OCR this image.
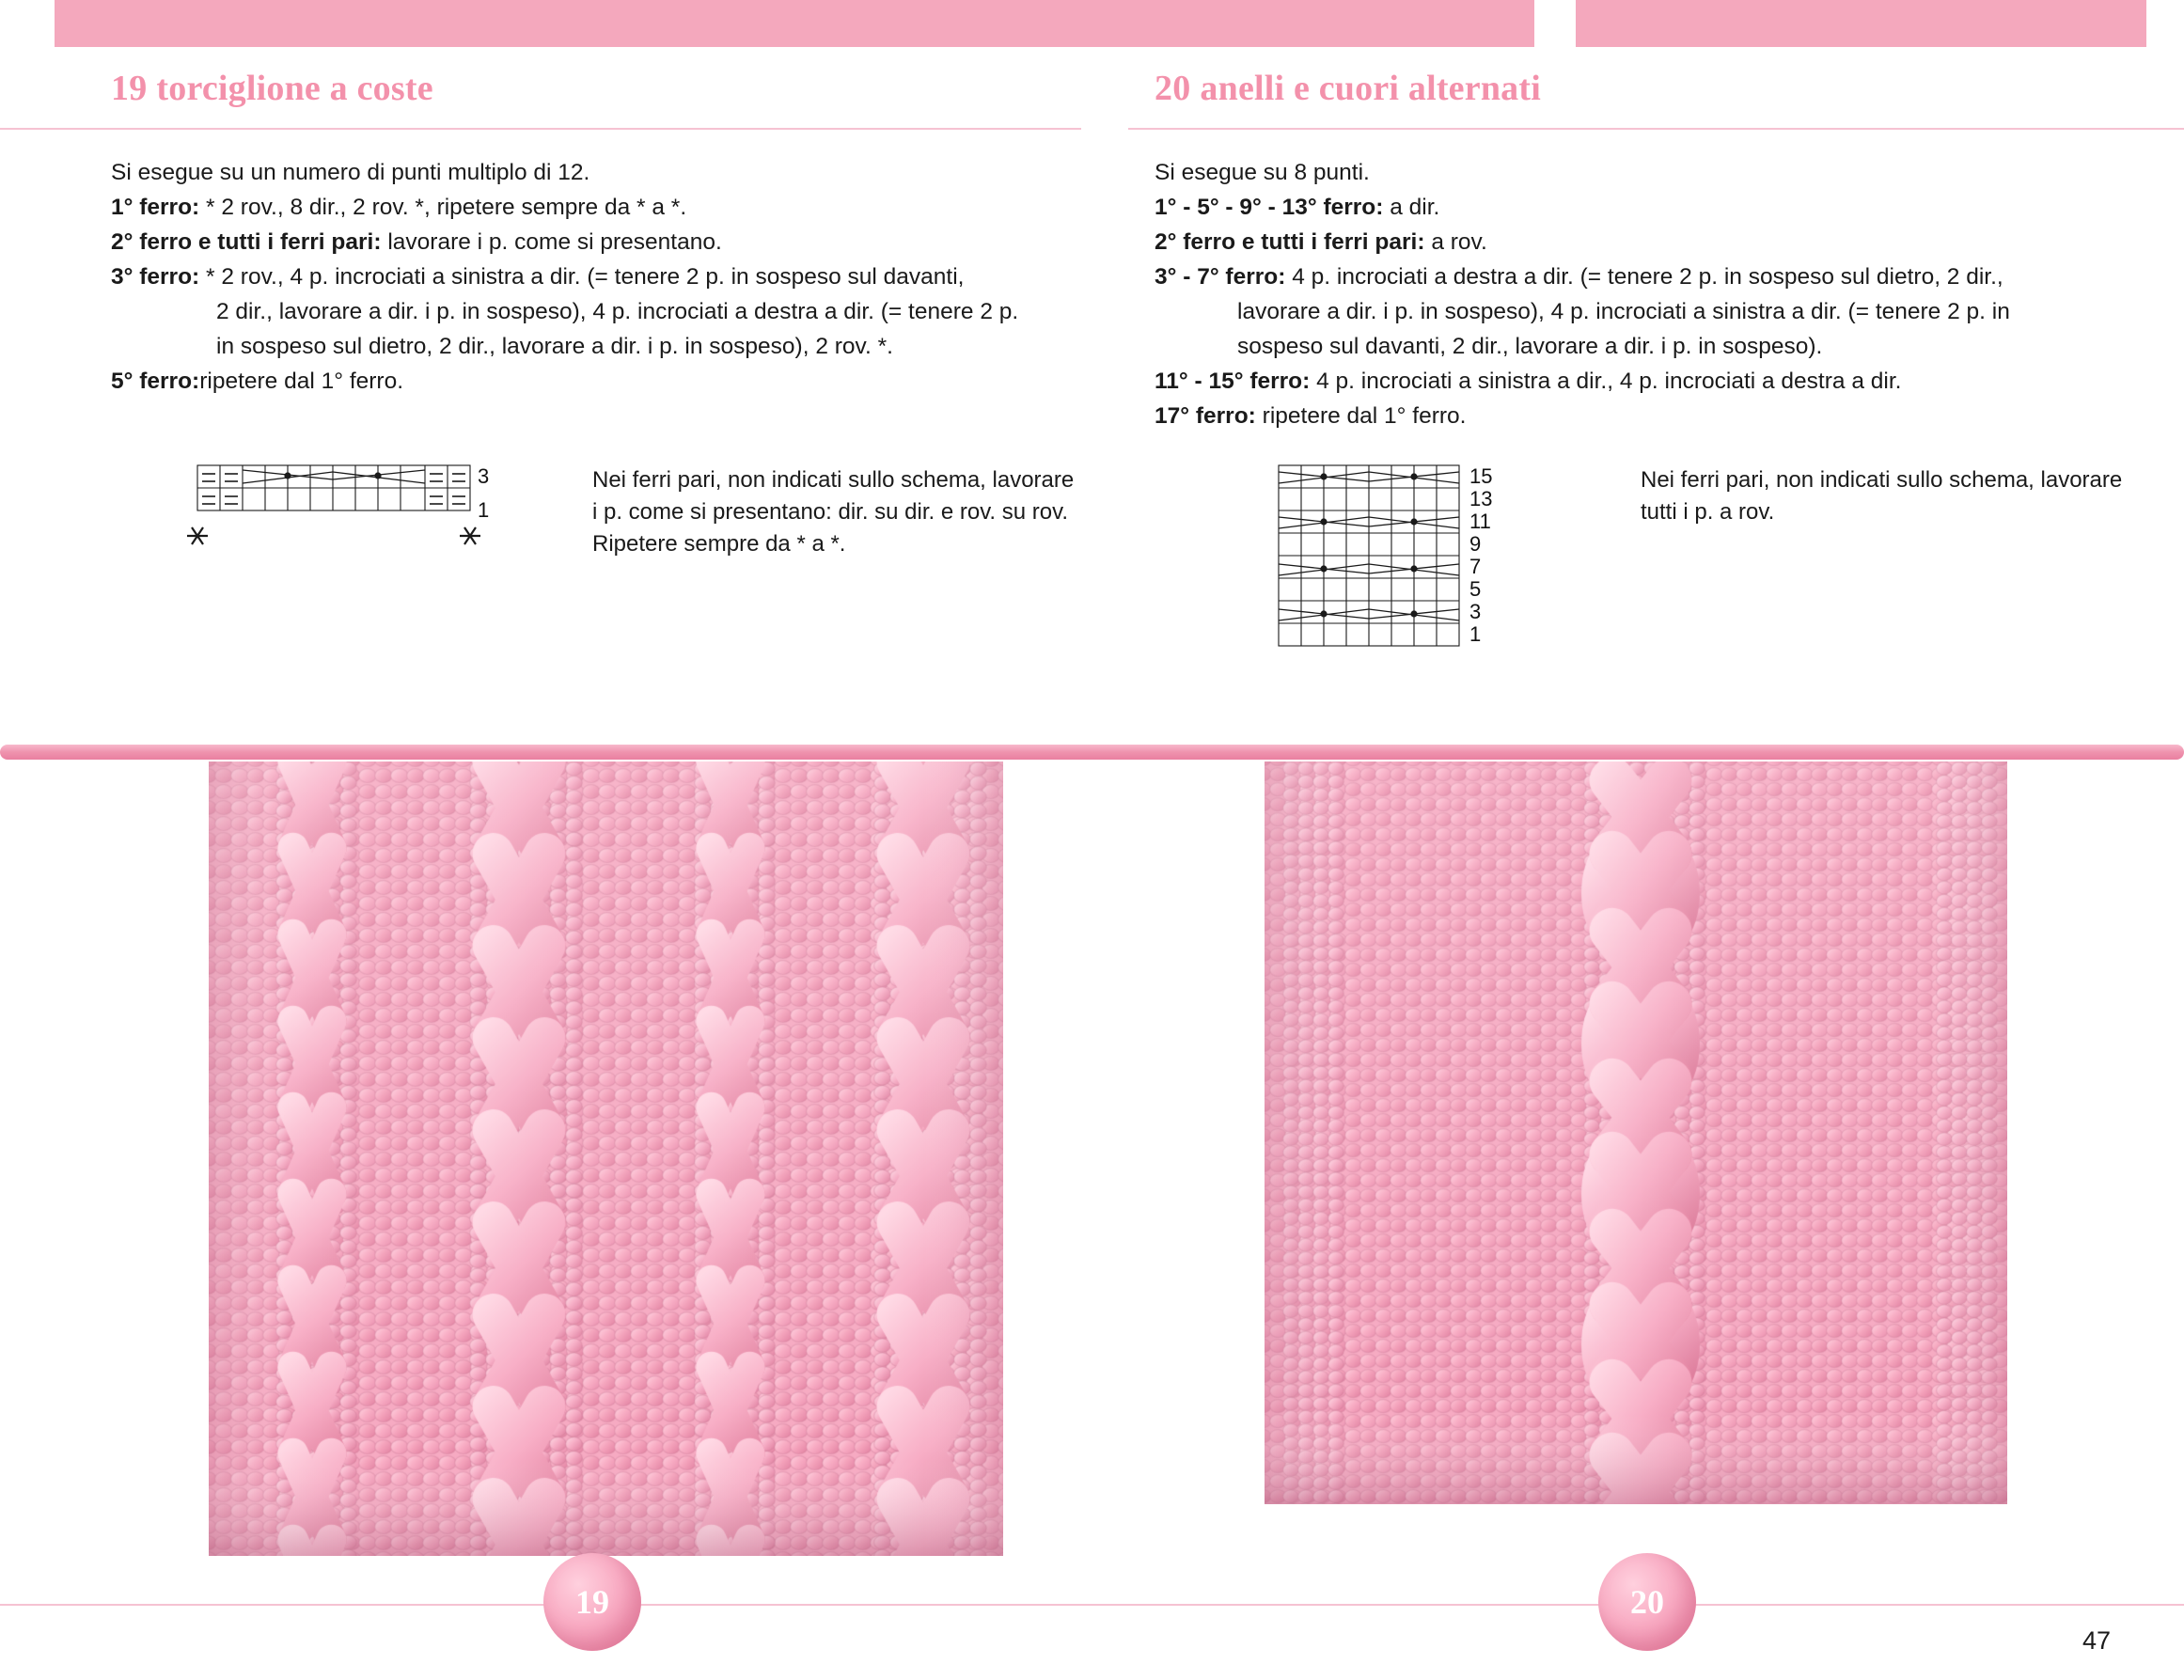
19 torciglione a coste

Si esegue su un numero di punti multiplo di 12.

1° ferro: * 2 rov., 8 dir., 2 rov. *, ripetere sempre da * a *.

2° ferro e tutti i ferri pari: lavorare i p. come si presentano.

3° ferro: * 2 rov., 4 p. incrociati a sinistra a dir. (= tenere 2 p. in sospeso sul davanti,

2 dir., lavorare a dir. i p. in sospeso), 4 p. incrociati a destra a dir. (= tenere 2 p.

in sospeso sul dietro, 2 dir., lavorare a dir. i p. in sospeso), 2 rov. *.

5° ferro:ripetere dal 1° ferro.

20 anelli e cuori alternati

Si esegue su 8 punti.

1° - 5° - 9° - 13° ferro: a dir.

2° ferro e tutti i ferri pari: a rov.

3° - 7° ferro: 4 p. incrociati a destra a dir. (= tenere 2 p. in sospeso sul dietro, 2 dir.,

lavorare a dir. i p. in sospeso), 4 p. incrociati a sinistra a dir. (= tenere 2 p. in

sospeso sul davanti, 2 dir., lavorare a dir. i p. in sospeso).

11° - 15° ferro: 4 p. incrociati a sinistra a dir., 4 p. incrociati a destra a dir.

17° ferro: ripetere dal 1° ferro.

3
1
Nei ferri pari, non indicati sullo schema, lavorare i p. come si presentano: dir. su dir. e rov. su rov.
Ripetere sempre da * a *.
15
13
11
9
7
5
3
1
Nei ferri pari, non indicati sullo schema, lavorare tutti i p. a rov.
19	20
47
